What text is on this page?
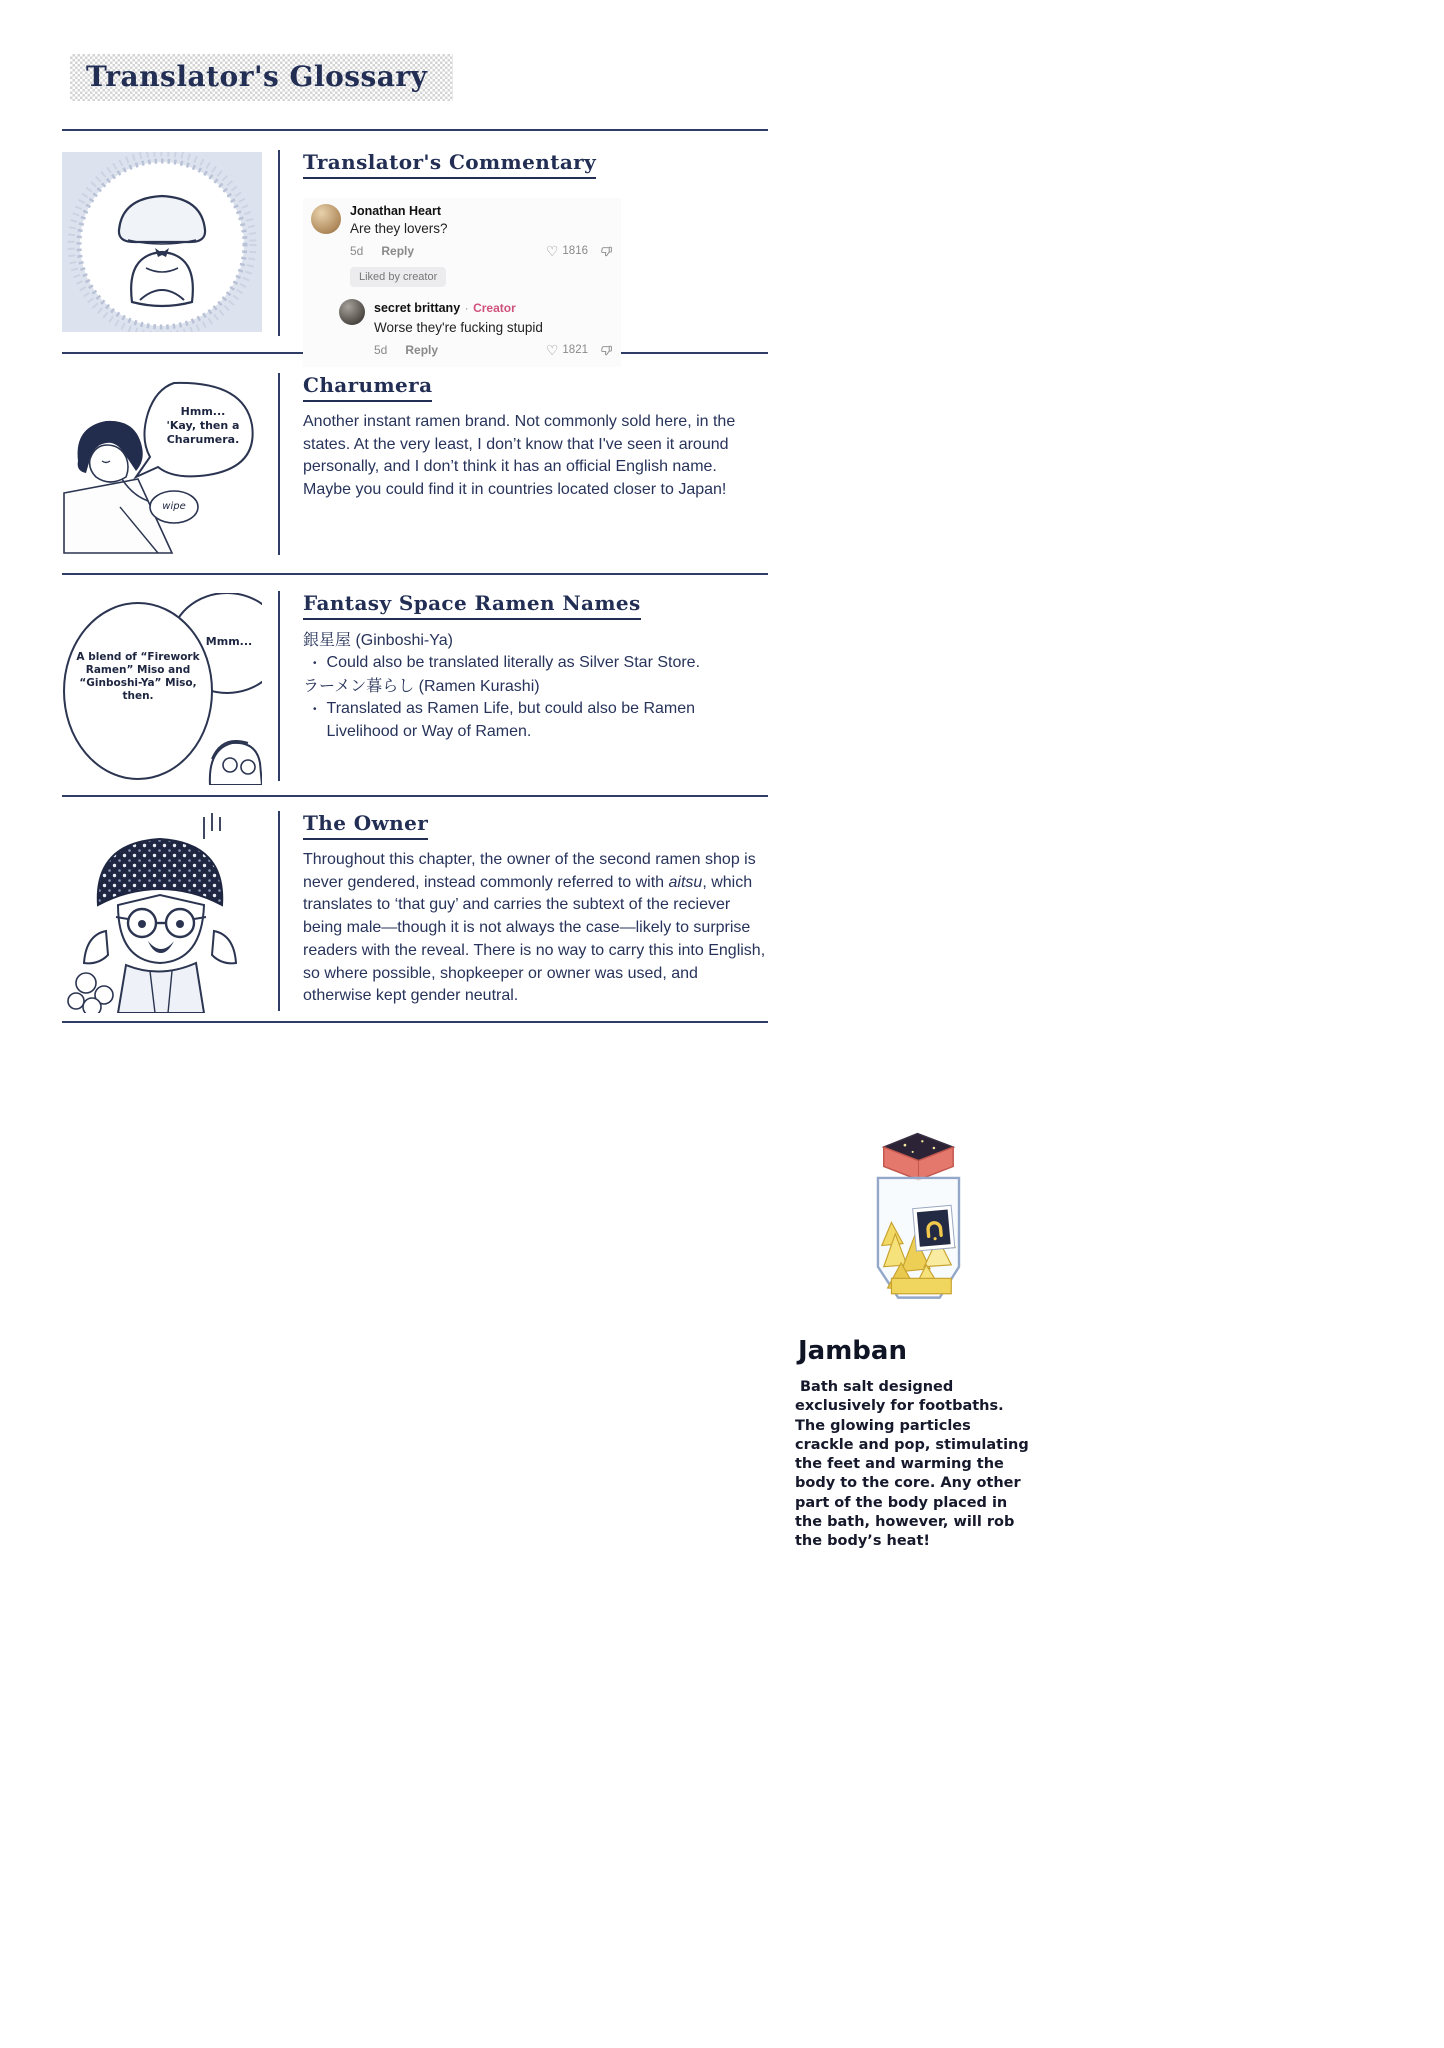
Translator's Glossary
Translator's Commentary
Jonathan Heart
Are they lovers?
5d Reply	♡ 1816
Liked by creator
secret brittany · Creator
Worse they're fucking stupid
5d Reply	♡ 1821
Hmm...
'Kay, then a
Charumera.
wipe
Charumera

Another instant ramen brand. Not commonly sold here, in the states. At the very least, I don’t know that I've seen it around personally, and I don’t think it has an official English name. Maybe you could find it in countries located closer to Japan!

Mmm...
A blend of “Firework Ramen” Miso and “Ginboshi-Ya” Miso, then.
Fantasy Space Ramen Names
銀星屋 (Ginboshi-Ya)
• Could also be translated literally as Silver Star Store.
ラーメン暮らし (Ramen Kurashi)
• Translated as Ramen Life, but could also be Ramen Livelihood or Way of Ramen.
The Owner

Throughout this chapter, the owner of the second ramen shop is never gendered, instead commonly referred to with aitsu, which translates to ‘that guy’ and carries the subtext of the reciever being male—though it is not always the case—likely to surprise readers with the reveal. There is no way to carry this into English, so where possible, shopkeeper or owner was used, and otherwise kept gender neutral.

Jamban

Bath salt designed exclusively for footbaths. The glowing particles crackle and pop, stimulating the feet and warming the body to the core. Any other part of the body placed in the bath, however, will rob the body’s heat!
